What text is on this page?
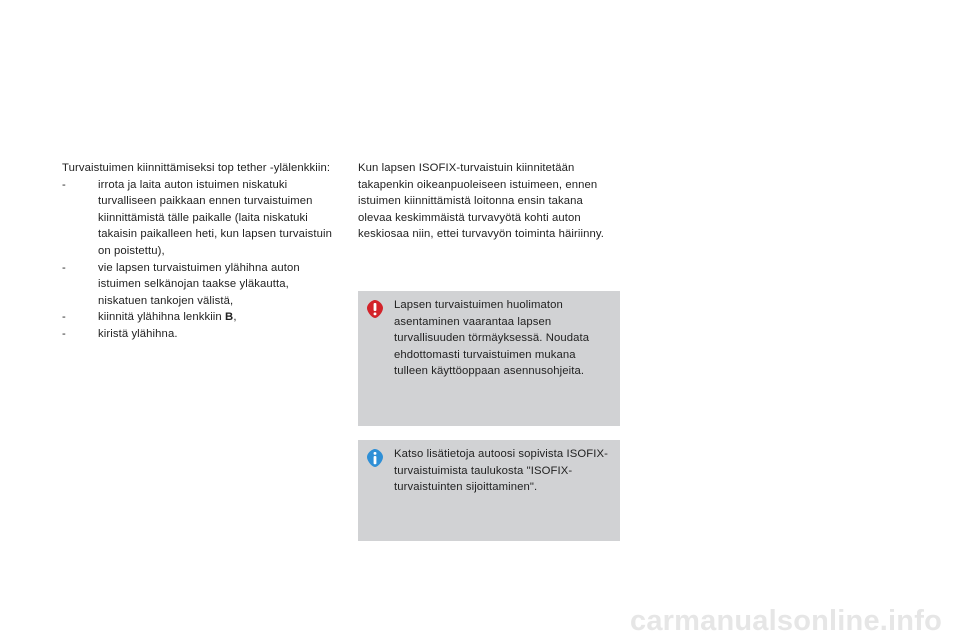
Turvaistuimen kiinnittämiseksi top tether -ylälenkkiin:

-	irrota ja laita auton istuimen niskatuki turvalliseen paikkaan ennen turvaistuimen kiinnittämistä tälle paikalle (laita niskatuki takaisin paikalleen heti, kun lapsen turvaistuin on poistettu),
-	vie lapsen turvaistuimen ylähihna auton istuimen selkänojan taakse yläkautta, niskatuen tankojen välistä,
-	kiinnitä ylähihna lenkkiin B,
-	kiristä ylähihna.

Kun lapsen ISOFIX-turvaistuin kiinnitetään takapenkin oikeanpuoleiseen istuimeen, ennen istuimen kiinnittämistä loitonna ensin takana olevaa keskimmäistä turvavyötä kohti auton keskiosaa niin, ettei turvavyön toiminta häiriinny.

Lapsen turvaistuimen huolimaton asentaminen vaarantaa lapsen turvallisuuden törmäyksessä. Noudata ehdottomasti turvaistuimen mukana tulleen käyttöoppaan asennusohjeita.

Katso lisätietoja autoosi sopivista ISOFIX-turvaistuimista taulukosta "ISOFIX-turvaistuinten sijoittaminen".

carmanualsonline.info
